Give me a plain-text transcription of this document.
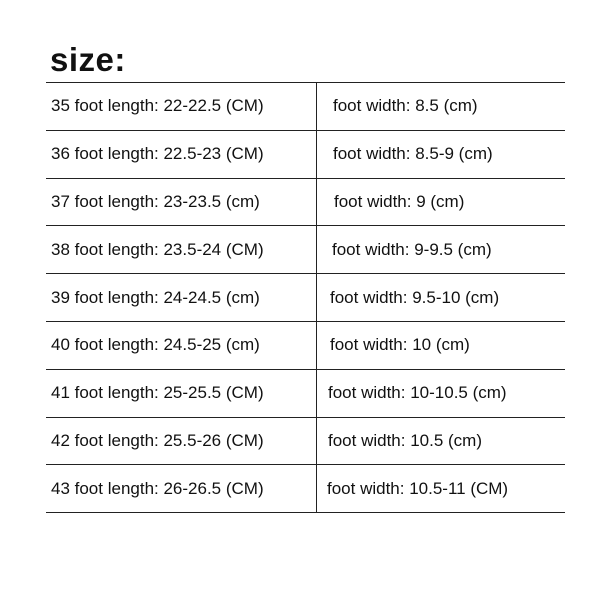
size:
35 foot length: 22-22.5 (CM)	foot width: 8.5 (cm)
36 foot length: 22.5-23 (CM)	foot width: 8.5-9 (cm)
37 foot length: 23-23.5 (cm)	foot width: 9 (cm)
38 foot length: 23.5-24 (CM)	foot width: 9-9.5 (cm)
39 foot length: 24-24.5 (cm)	foot width: 9.5-10 (cm)
40 foot length: 24.5-25 (cm)	foot width: 10 (cm)
41 foot length: 25-25.5 (CM)	foot width: 10-10.5 (cm)
42 foot length: 25.5-26 (CM)	foot width: 10.5 (cm)
43 foot length: 26-26.5 (CM)	foot width: 10.5-11 (CM)
